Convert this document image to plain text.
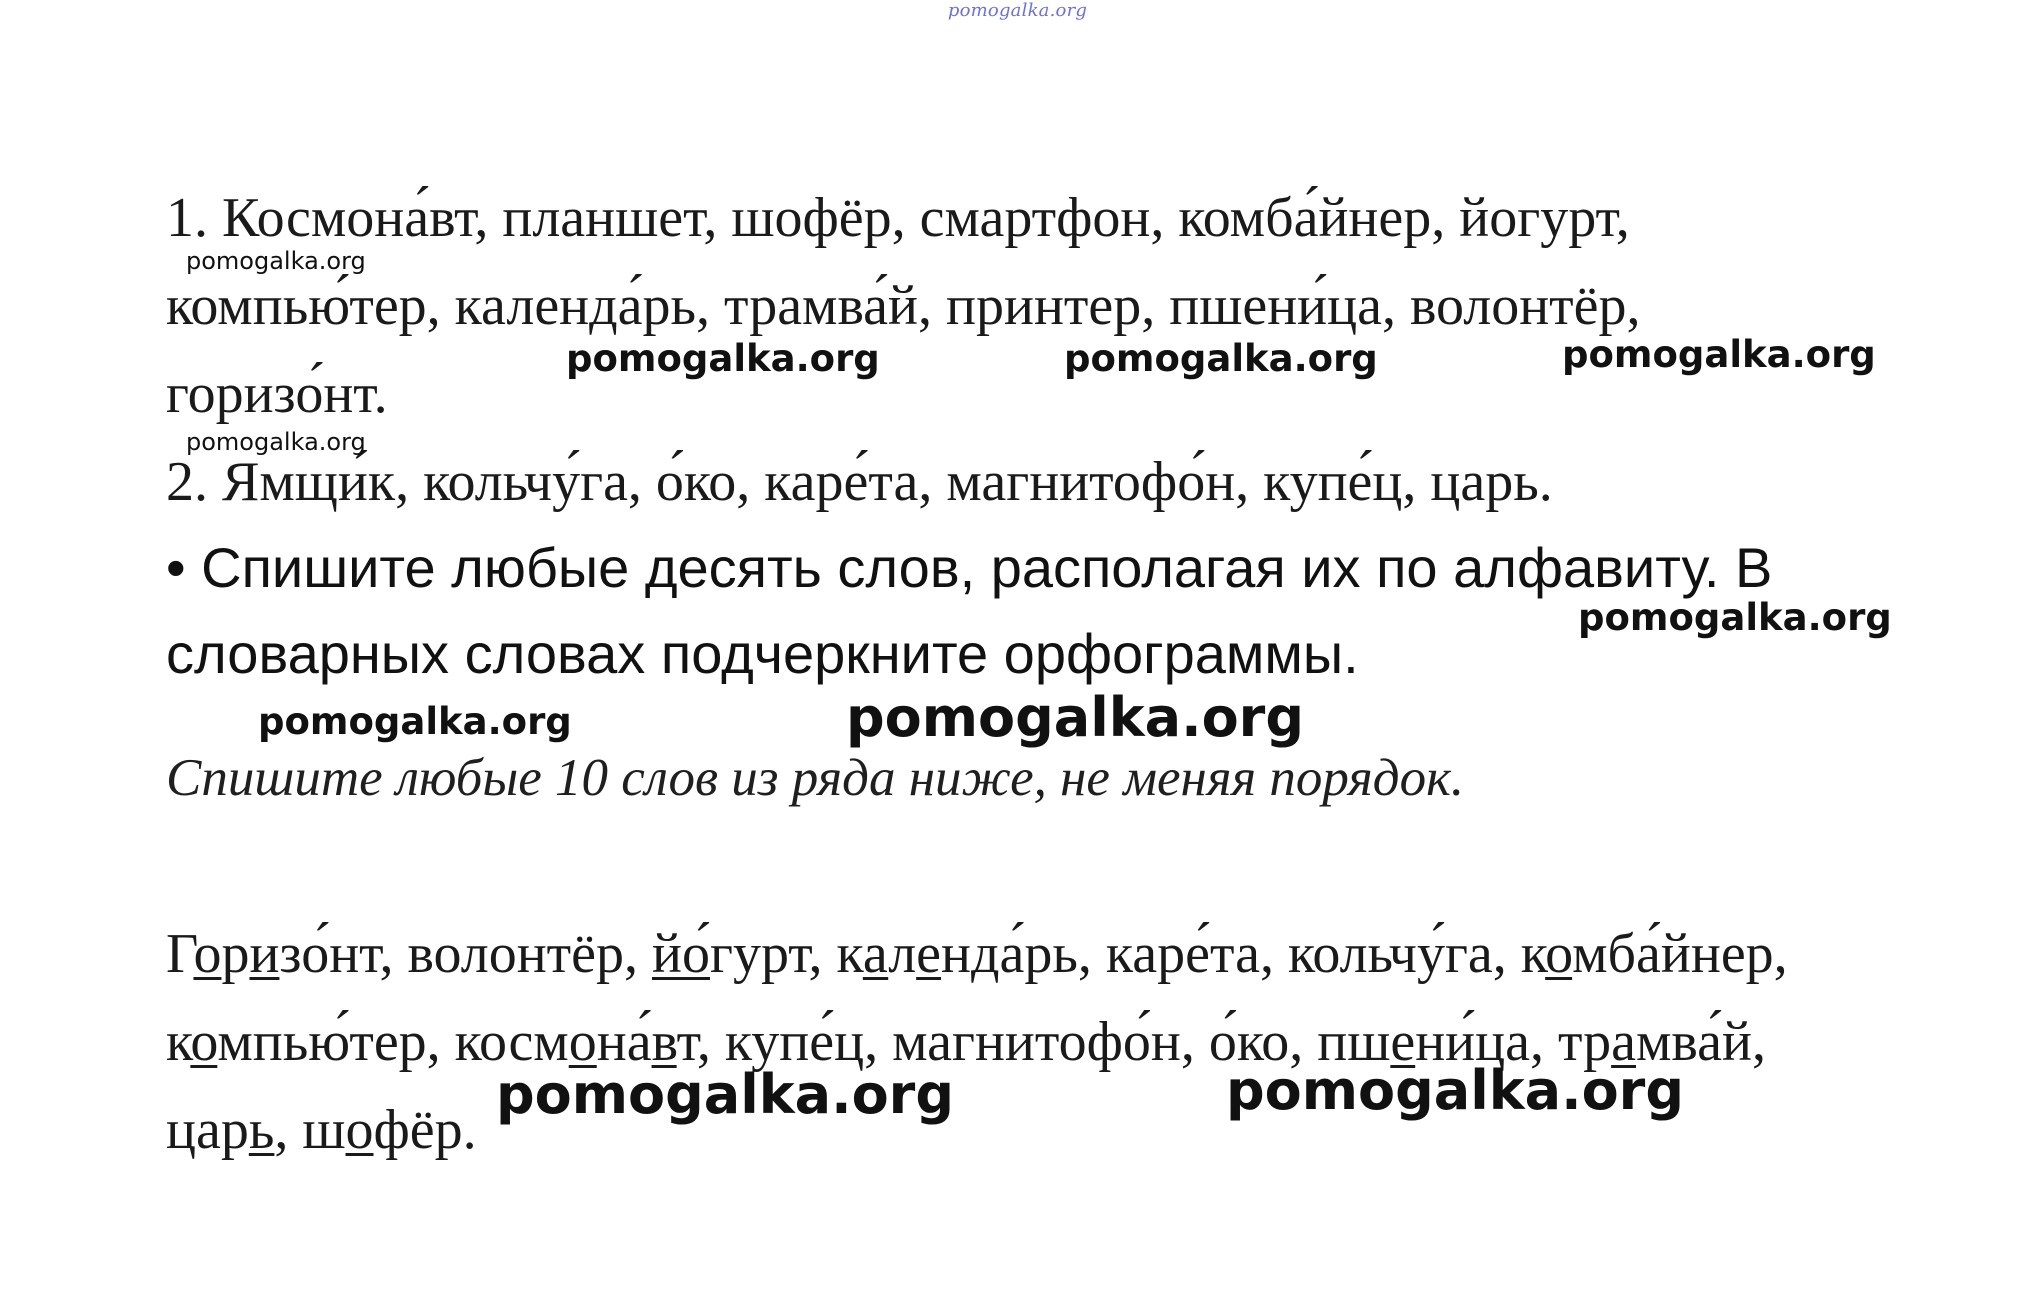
pomogalka.org
1. Космона́вт, планшет, шофёр, смартфон, комба́йнер, йогурт,
компью́тер, календа́рь, трамва́й, принтер, пшени́ца, волонтёр,
горизо́нт.
2. Ямщи́к, кольчу́га, о́ко, каре́та, магнитофо́н, купе́ц, царь.
• Спишите любые десять слов, располагая их по алфавиту. В
словарных словах подчеркните орфограммы.
Спишите любые 10 слов из ряда ниже, не меняя порядок.
Горизо́нт, волонтёр, йо́гурт, календа́рь, каре́та, кольчу́га, комба́йнер,
компью́тер, космона́вт, купе́ц, магнитофо́н, о́ко, пшени́ца, трамва́й,
царь, шофёр.
pomogalka.org
pomogalka.org	pomogalka.org	pomogalka.org
pomogalka.org
pomogalka.org
pomogalka.org	pomogalka.org
pomogalka.org	pomogalka.org
